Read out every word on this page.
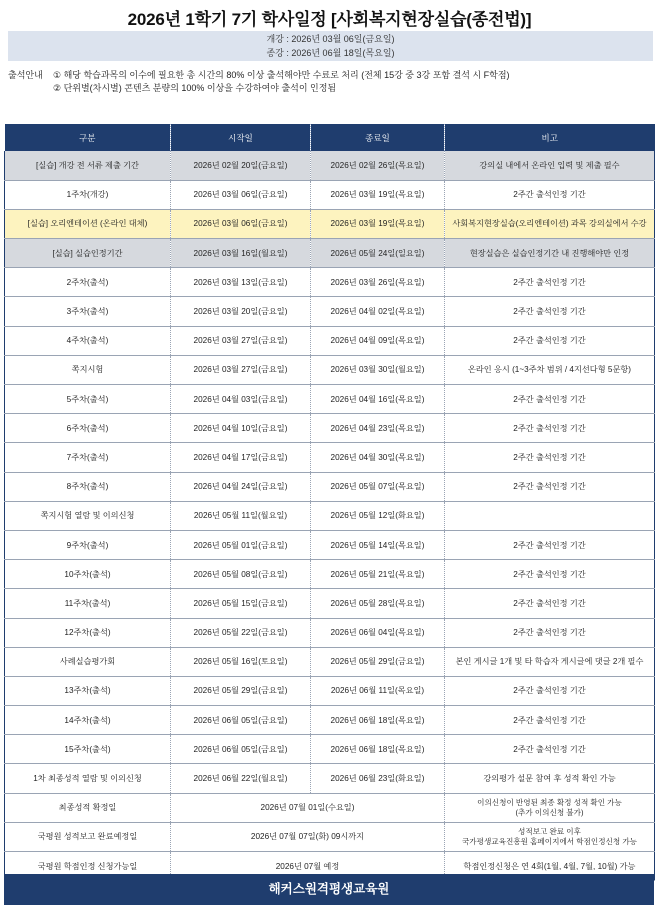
2026년 1학기 7기 학사일정 [사회복지현장실습(종전법)]
개강 : 2026년 03월 06일(금요일)
종강 : 2026년 06월 18일(목요일)
출석안내	① 해당 학습과목의 이수에 필요한 총 시간의 80% 이상 출석해야만 수료로 처리 (전체 15강 중 3강 포함 결석 시 F학점)
② 단위별(차시별) 콘텐츠 분량의 100% 이상을 수강하여야 출석이 인정됨
구분	시작일	종료일	비고
[실습] 개강 전 서류 제출 기간	2026년 02월 20일(금요일)	2026년 02월 26일(목요일)	강의실 내에서 온라인 입력 및 제출 필수
1주차(개강)	2026년 03월 06일(금요일)	2026년 03월 19일(목요일)	2주간 출석인정 기간
[실습] 오리엔테이션 (온라인 대체)	2026년 03월 06일(금요일)	2026년 03월 19일(목요일)	사회복지현장실습(오리엔테이션) 과목 강의실에서 수강
[실습] 실습인정기간	2026년 03월 16일(월요일)	2026년 05월 24일(일요일)	현장실습은 실습인정기간 내 진행해야만 인정
2주차(출석)	2026년 03월 13일(금요일)	2026년 03월 26일(목요일)	2주간 출석인정 기간
3주차(출석)	2026년 03월 20일(금요일)	2026년 04월 02일(목요일)	2주간 출석인정 기간
4주차(출석)	2026년 03월 27일(금요일)	2026년 04월 09일(목요일)	2주간 출석인정 기간
쪽지시험	2026년 03월 27일(금요일)	2026년 03월 30일(월요일)	온라인 응시 (1~3주차 범위 / 4지선다형 5문항)
5주차(출석)	2026년 04월 03일(금요일)	2026년 04월 16일(목요일)	2주간 출석인정 기간
6주차(출석)	2026년 04월 10일(금요일)	2026년 04월 23일(목요일)	2주간 출석인정 기간
7주차(출석)	2026년 04월 17일(금요일)	2026년 04월 30일(목요일)	2주간 출석인정 기간
8주차(출석)	2026년 04월 24일(금요일)	2026년 05월 07일(목요일)	2주간 출석인정 기간
쪽지시험 열람 및 이의신청	2026년 05월 11일(월요일)	2026년 05월 12일(화요일)	
9주차(출석)	2026년 05월 01일(금요일)	2026년 05월 14일(목요일)	2주간 출석인정 기간
10주차(출석)	2026년 05월 08일(금요일)	2026년 05월 21일(목요일)	2주간 출석인정 기간
11주차(출석)	2026년 05월 15일(금요일)	2026년 05월 28일(목요일)	2주간 출석인정 기간
12주차(출석)	2026년 05월 22일(금요일)	2026년 06월 04일(목요일)	2주간 출석인정 기간
사례실습평가회	2026년 05월 16일(토요일)	2026년 05월 29일(금요일)	본인 게시글 1개 및 타 학습자 게시글에 댓글 2개 필수
13주차(출석)	2026년 05월 29일(금요일)	2026년 06월 11일(목요일)	2주간 출석인정 기간
14주차(출석)	2026년 06월 05일(금요일)	2026년 06월 18일(목요일)	2주간 출석인정 기간
15주차(출석)	2026년 06월 05일(금요일)	2026년 06월 18일(목요일)	2주간 출석인정 기간
1차 최종성적 열람 및 이의신청	2026년 06월 22일(월요일)	2026년 06월 23일(화요일)	강의평가 설문 참여 후 성적 확인 가능
최종성적 확정일	2026년 07월 01일(수요일)		이의신청이 반영된 최종 확정 성적 확인 가능
(추가 이의신청 불가)

국평원 성적보고 완료예정일	2026년 07월 07일(화) 09시까지		성적보고 완료 이후
국가평생교육진흥원 홈페이지에서 학점인정신청 가능

국평원 학점인정 신청가능일	2026년 07월 예정		학점인정신청은 연 4회(1월, 4월, 7월, 10월) 가능
해커스원격평생교육원
